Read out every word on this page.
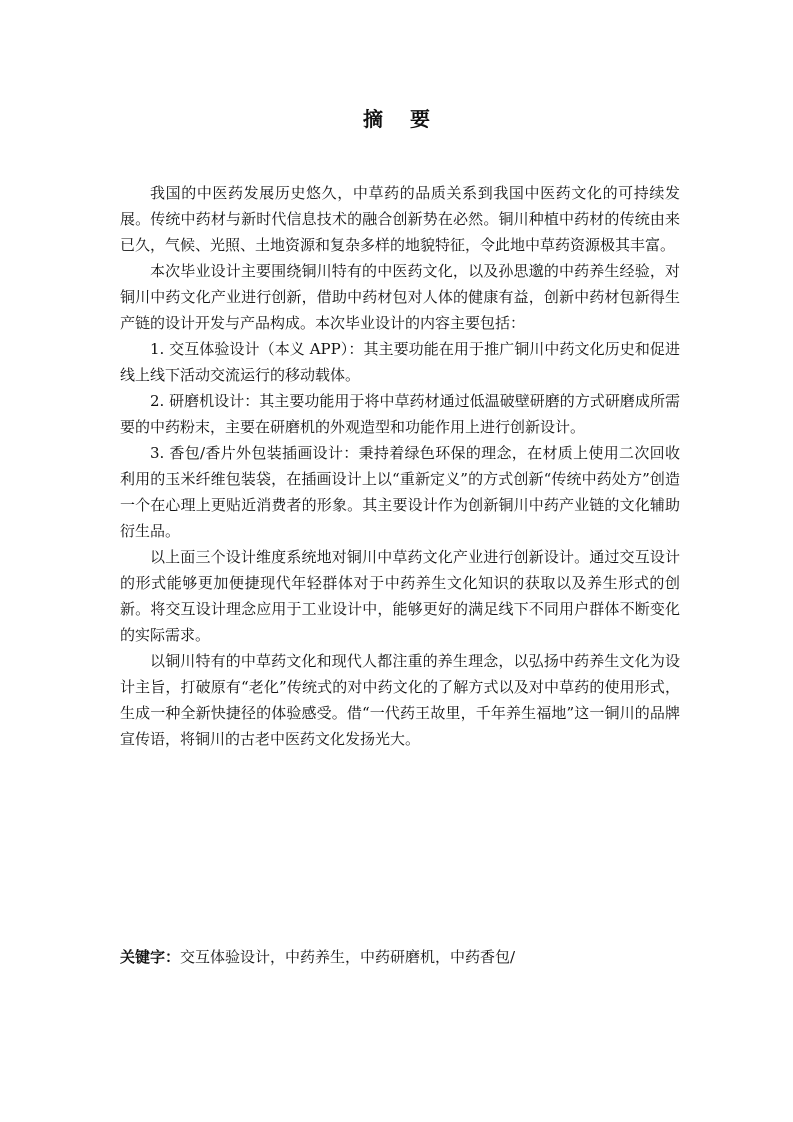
摘 要

我国的中医药发展历史悠久，中草药的品质关系到我国中医药文化的可持续发展。传统中药材与新时代信息技术的融合创新势在必然。铜川种植中药材的传统由来已久，气候、光照、土地资源和复杂多样的地貌特征，令此地中草药资源极其丰富。

本次毕业设计主要围绕铜川特有的中医药文化，以及孙思邈的中药养生经验，对铜川中药文化产业进行创新，借助中药材包对人体的健康有益，创新中药材包新得生产链的设计开发与产品构成。本次毕业设计的内容主要包括：

1. 交互体验设计（本义 APP）：其主要功能在用于推广铜川中药文化历史和促进线上线下活动交流运行的移动载体。

2. 研磨机设计：其主要功能用于将中草药材通过低温破壁研磨的方式研磨成所需要的中药粉末，主要在研磨机的外观造型和功能作用上进行创新设计。

3. 香包/香片外包装插画设计：秉持着绿色环保的理念，在材质上使用二次回收利用的玉米纤维包装袋，在插画设计上以“重新定义”的方式创新“传统中药处方”创造一个在心理上更贴近消费者的形象。其主要设计作为创新铜川中药产业链的文化辅助衍生品。

以上面三个设计维度系统地对铜川中草药文化产业进行创新设计。通过交互设计的形式能够更加便捷现代年轻群体对于中药养生文化知识的获取以及养生形式的创新。将交互设计理念应用于工业设计中，能够更好的满足线下不同用户群体不断变化的实际需求。

以铜川特有的中草药文化和现代人都注重的养生理念，以弘扬中药养生文化为设计主旨，打破原有“老化”传统式的对中药文化的了解方式以及对中草药的使用形式，生成一种全新快捷径的体验感受。借“一代药王故里，千年养生福地”这一铜川的品牌宣传语，将铜川的古老中医药文化发扬光大。

关键字：交互体验设计，中药养生，中药研磨机，中药香包/
